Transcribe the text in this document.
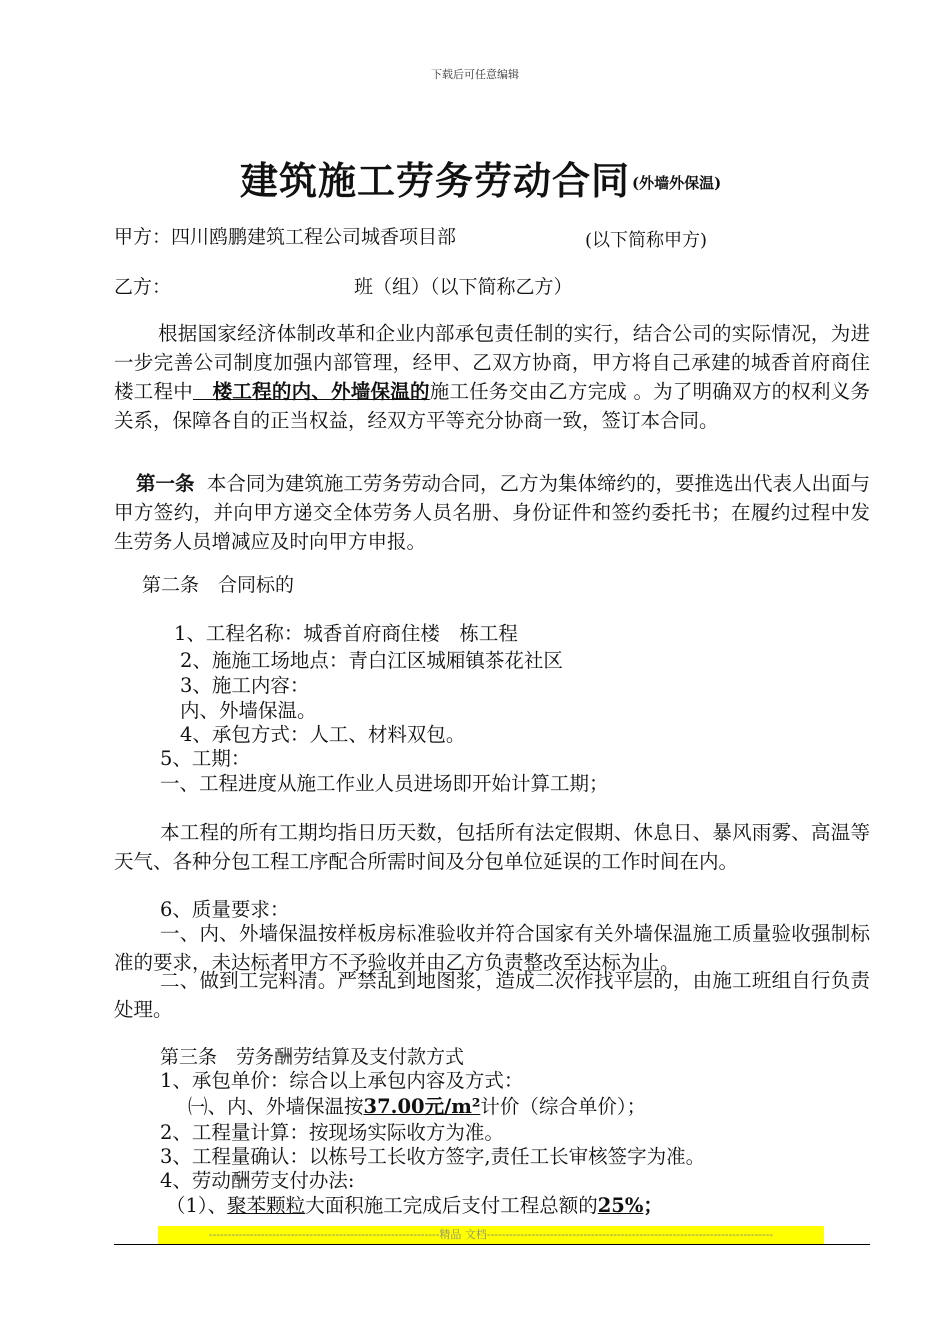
下载后可任意编辑
建筑施工劳务劳动合同 (外墙外保温)
甲方：四川鸥鹏建筑工程公司城香项目部	(以下简称甲方)
乙方：	班（组）（以下简称乙方）
根据国家经济体制改革和企业内部承包责任制的实行，结合公司的实际情况，为进一步完善公司制度加强内部管理，经甲、乙双方协商，甲方将自己承建的城香首府商住楼工程中　楼工程的内、外墙保温的施工任务交由乙方完成 。为了明确双方的权利义务关系，保障各自的正当权益，经双方平等充分协商一致，签订本合同。
第一条 本合同为建筑施工劳务劳动合同，乙方为集体缔约的，要推选出代表人出面与甲方签约，并向甲方递交全体劳务人员名册、身份证件和签约委托书；在履约过程中发生劳务人员增减应及时向甲方申报。
第二条　合同标的
1、工程名称：城香首府商住楼　栋工程
2、施施工场地点：青白江区城厢镇茶花社区
3、施工内容：
内、外墙保温。
4、承包方式：人工、材料双包。
5、工期：
一、工程进度从施工作业人员进场即开始计算工期；
本工程的所有工期均指日历天数，包括所有法定假期、休息日、暴风雨雾、高温等天气、各种分包工程工序配合所需时间及分包单位延误的工作时间在内。
6、质量要求：
一、内、外墙保温按样板房标准验收并符合国家有关外墙保温施工质量验收强制标准的要求，未达标者甲方不予验收并由乙方负责整改至达标为止。
二、做到工完料清。严禁乱到地图浆，造成二次作找平层的，由施工班组自行负责处理。
第三条　劳务酬劳结算及支付款方式
1、承包单价：综合以上承包内容及方式：
㈠、内、外墙保温按37.00元/m²计价（综合单价）；
2、工程量计算：按现场实际收方为准。
3、工程量确认：以栋号工长收方签字,责任工长审核签字为准。
4、劳动酬劳支付办法:
（1）、聚苯颗粒大面积施工完成后支付工程总额的25%；
--------------------------------------------------------------精品 文档-----------------------------------------------------------------------------
